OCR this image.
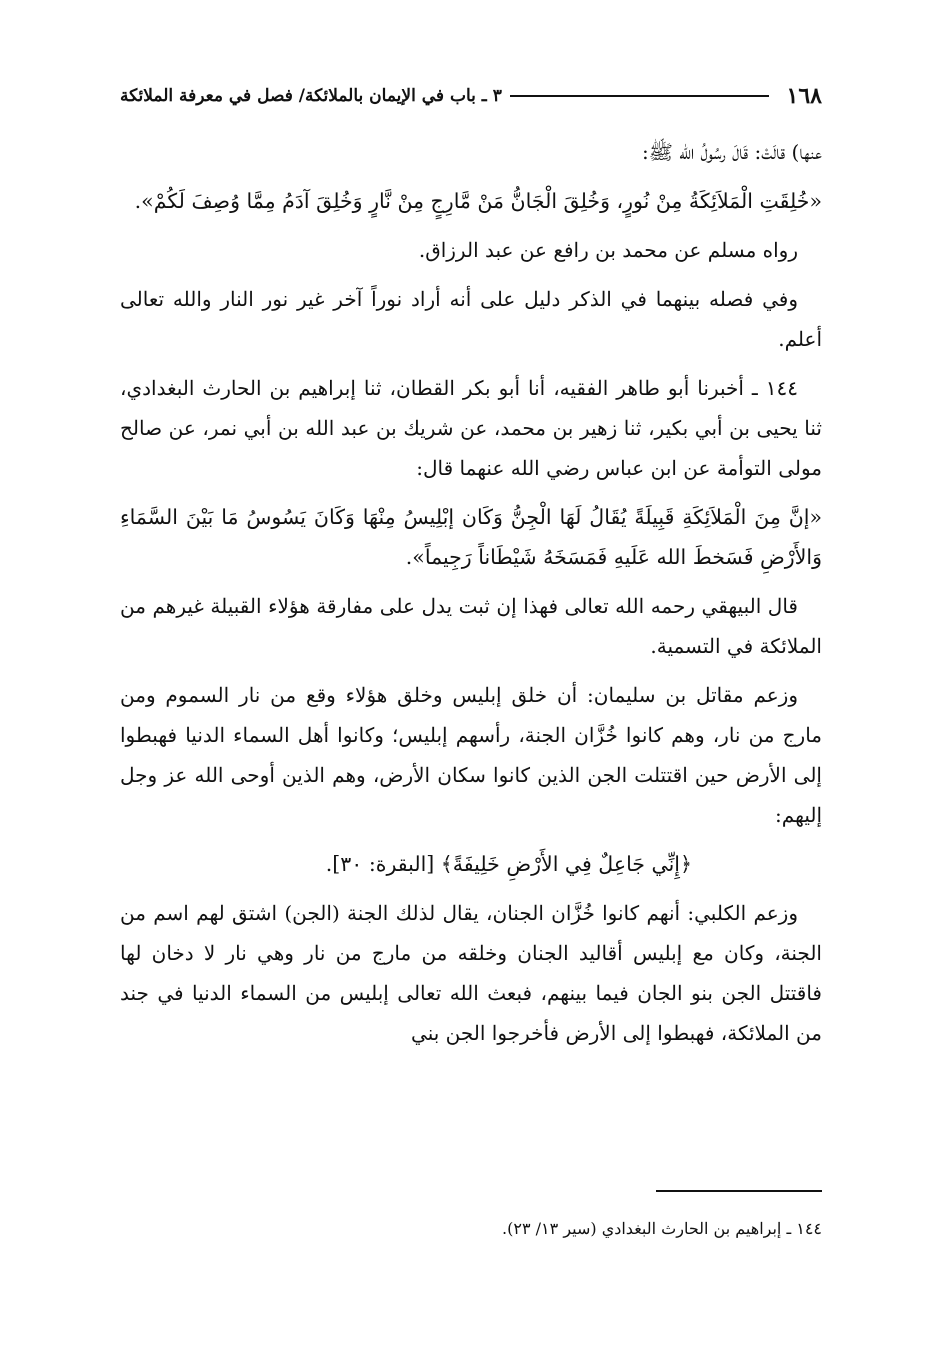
١٦٨
٣ ـ باب في الإيمان بالملائكة/ فصل في معرفة الملائكة

عنها) قالَتْ: قَالَ رسُولُ الله ﷺ:

«خُلِقَتِ الْمَلاَئِكَةُ مِنْ نُورٍ، وَخُلِقَ الْجَانُّ مَنْ مَّارِجٍ مِنْ نَّارٍ وَخُلِقَ آدَمُ مِمَّا وُصِفَ لَكُمْ».

رواه مسلم عن محمد بن رافع عن عبد الرزاق.

وفي فصله بينهما في الذكر دليل على أنه أراد نوراً آخر غير نور النار والله تعالى أعلم.

١٤٤ ـ أخبرنا أبو طاهر الفقيه، أنا أبو بكر القطان، ثنا إبراهيم بن الحارث البغدادي، ثنا يحيى بن أبي بكير، ثنا زهير بن محمد، عن شريك بن عبد الله بن أبي نمر، عن صالح مولى التوأمة عن ابن عباس رضي الله عنهما قال:

«إنَّ مِنَ الْمَلاَئِكَةِ قَبِيلَةً يُقَالُ لَهَا الْجِنُّ وَكَان إبْلِيسُ مِنْهَا وَكَانَ يَسُوسُ مَا بَيْنَ السَّمَاءِ وَالأَرْضِ فَسَخطَ الله عَلَيهِ فَمَسَخَهُ شَيْطَاناً رَجِيماً».

قال البيهقي رحمه الله تعالى فهذا إن ثبت يدل على مفارقة هؤلاء القبيلة غيرهم من الملائكة في التسمية.

وزعم مقاتل بن سليمان: أن خلق إبليس وخلق هؤلاء وقع من نار السموم ومن مارج من نار، وهم كانوا خُزَّان الجنة، رأسهم إبليس؛ وكانوا أهل السماء الدنيا فهبطوا إلى الأرض حين اقتتلت الجن الذين كانوا سكان الأرض، وهم الذين أوحى الله عز وجل إليهم:

﴿إِنِّي جَاعِلٌ فِي الأَرْضِ خَلِيفَةً﴾ [البقرة: ٣٠].

وزعم الكلبي: أنهم كانوا خُزَّان الجنان، يقال لذلك الجنة (الجن) اشتق لهم اسم من الجنة، وكان مع إبليس أقاليد الجنان وخلقه من مارج من نار وهي نار لا دخان لها فاقتتل الجن بنو الجان فيما بينهم، فبعث الله تعالى إبليس من السماء الدنيا في جند من الملائكة، فهبطوا إلى الأرض فأخرجوا الجن بني

١٤٤ ـ إبراهيم بن الحارث البغدادي (سير ١٣/ ٢٣).
